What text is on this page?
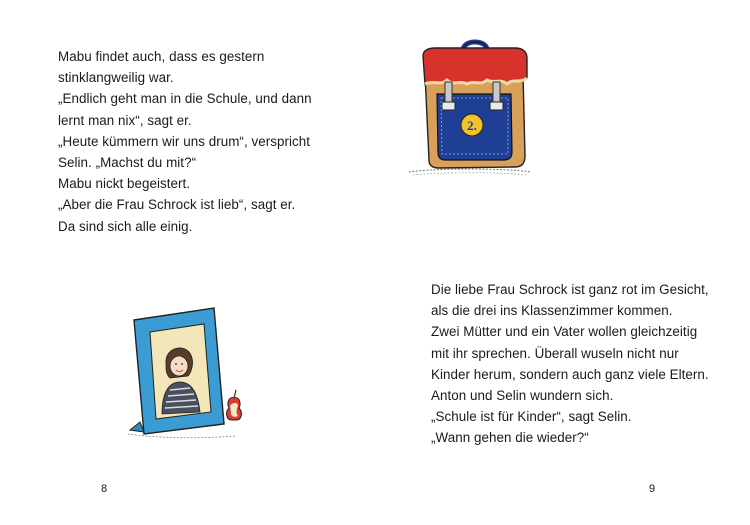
Mabu findet auch, dass es gestern

stinklangweilig war.

„Endlich geht man in die Schule, und dann

lernt man nix“, sagt er.

„Heute kümmern wir uns drum“, verspricht

Selin. „Machst du mit?“

Mabu nickt begeistert.

„Aber die Frau Schrock ist lieb“, sagt er.

Da sind sich alle einig.

2.

Die liebe Frau Schrock ist ganz rot im Gesicht,

als die drei ins Klassenzimmer kommen.

Zwei Mütter und ein Vater wollen gleichzeitig

mit ihr sprechen. Überall wuseln nicht nur

Kinder herum, sondern auch ganz viele Eltern.

Anton und Selin wundern sich.

„Schule ist für Kinder“, sagt Selin.

„Wann gehen die wieder?“

8	9
